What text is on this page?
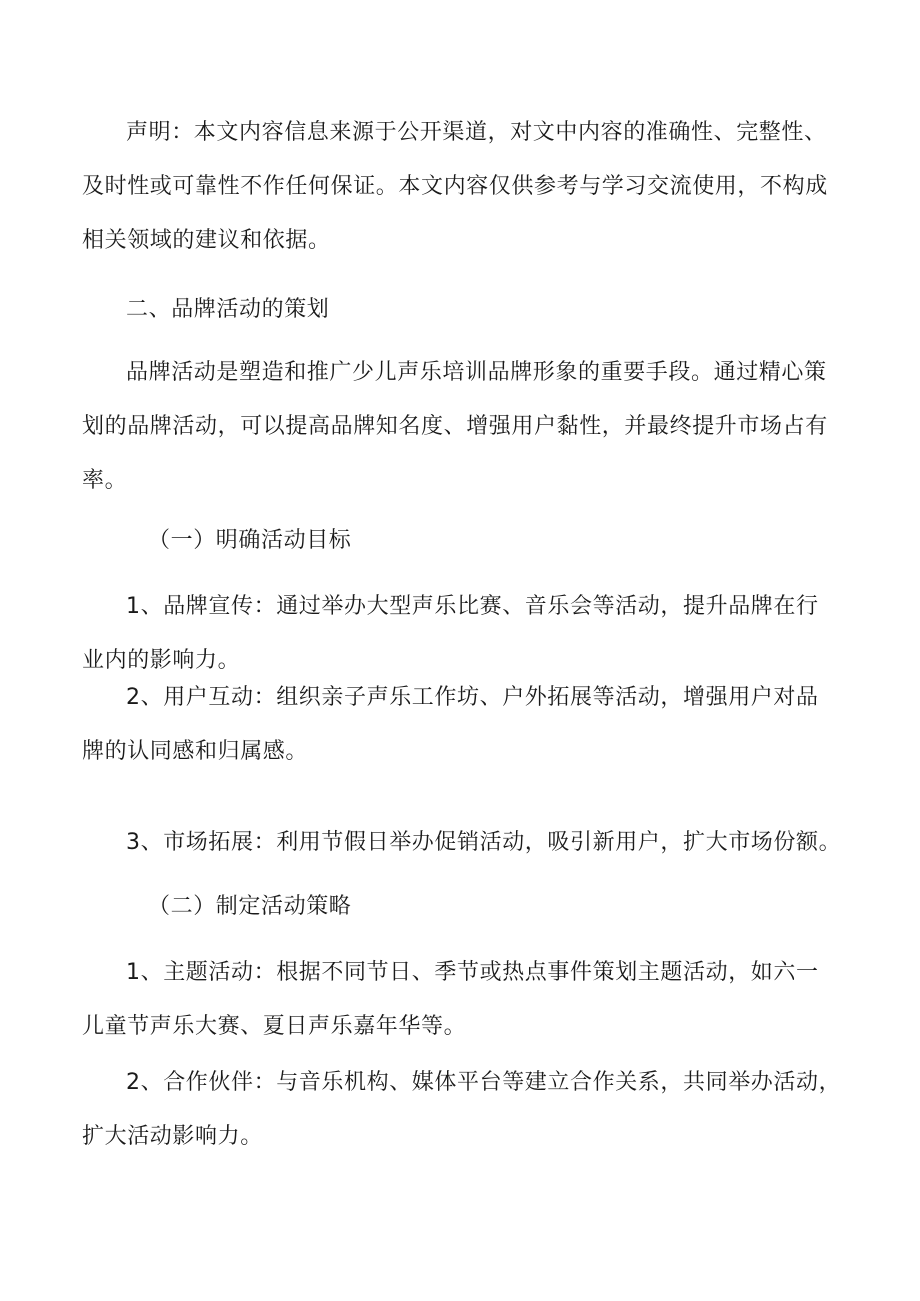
声明：本文内容信息来源于公开渠道，对文中内容的准确性、完整性、
及时性或可靠性不作任何保证。本文内容仅供参考与学习交流使用，不构成
相关领域的建议和依据。

二、品牌活动的策划

品牌活动是塑造和推广少儿声乐培训品牌形象的重要手段。通过精心策
划的品牌活动，可以提高品牌知名度、增强用户黏性，并最终提升市场占有
率。

（一）明确活动目标

1、品牌宣传：通过举办大型声乐比赛、音乐会等活动，提升品牌在行
业内的影响力。

2、用户互动：组织亲子声乐工作坊、户外拓展等活动，增强用户对品
牌的认同感和归属感。

3、市场拓展：利用节假日举办促销活动，吸引新用户，扩大市场份额。

（二）制定活动策略

1、主题活动：根据不同节日、季节或热点事件策划主题活动，如六一
儿童节声乐大赛、夏日声乐嘉年华等。

2、合作伙伴：与音乐机构、媒体平台等建立合作关系，共同举办活动，
扩大活动影响力。
